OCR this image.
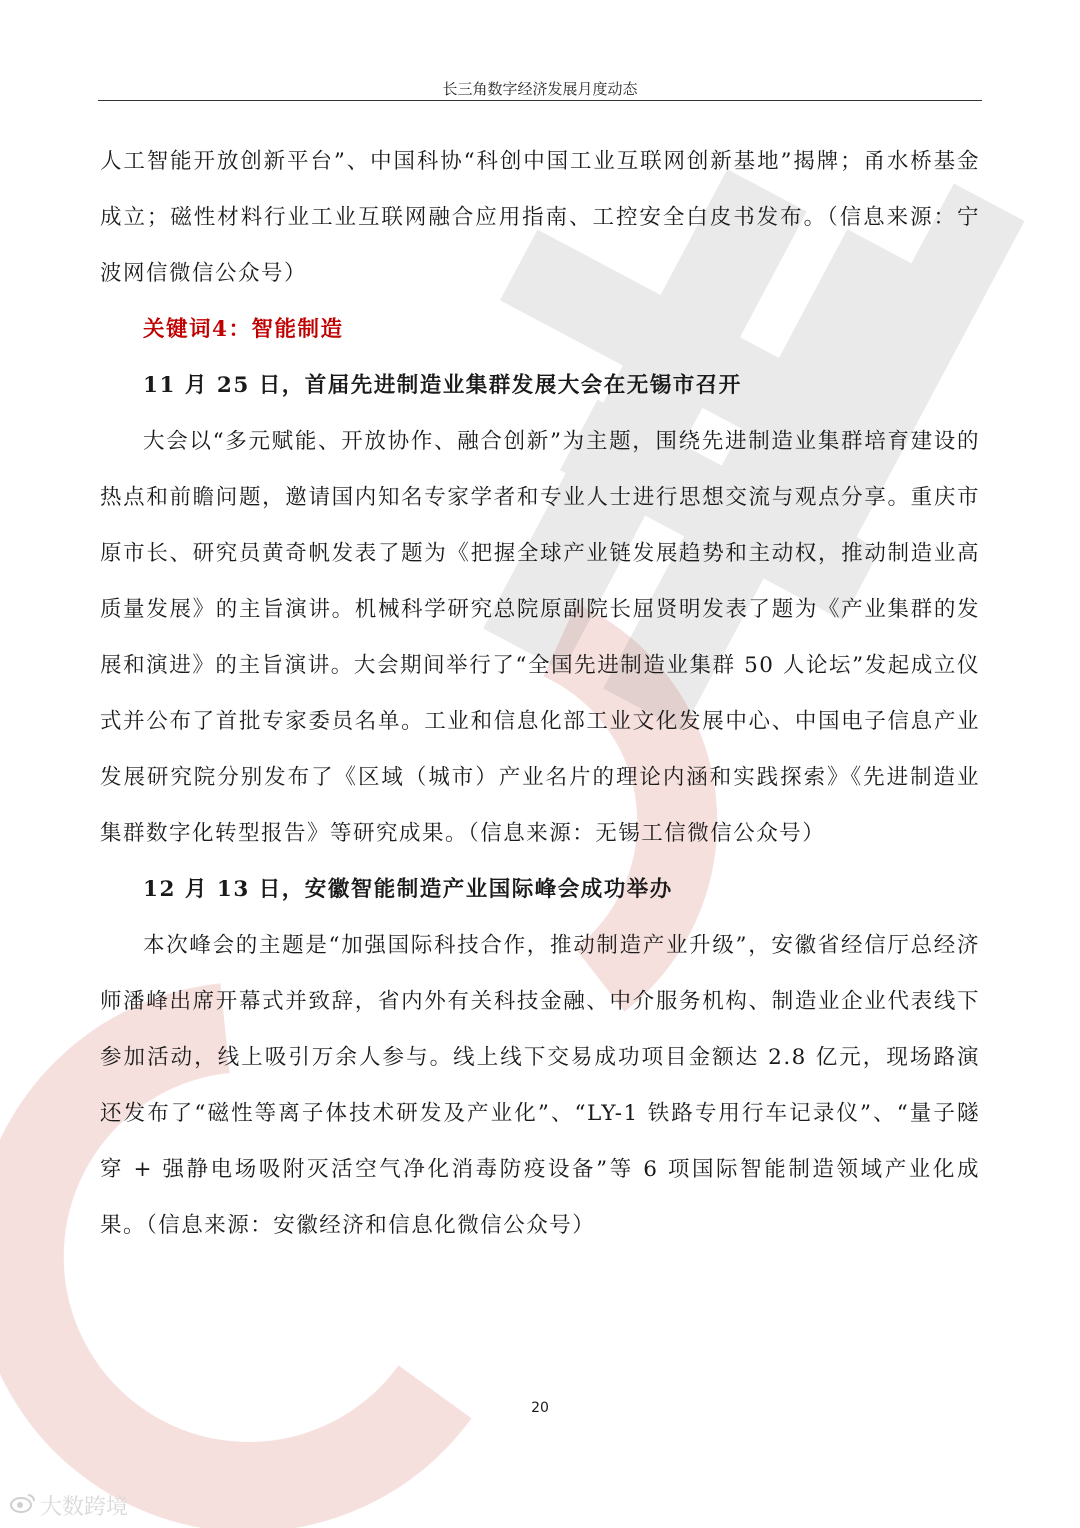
长三角数字经济发展月度动态

人工智能开放创新平台”、中国科协“科创中国工业互联网创新基地”揭牌；甬水桥基金成立；磁性材料行业工业互联网融合应用指南、工控安全白皮书发布。（信息来源：宁波网信微信公众号）

关键词4：智能制造

11 月 25 日，首届先进制造业集群发展大会在无锡市召开

大会以“多元赋能、开放协作、融合创新”为主题，围绕先进制造业集群培育建设的热点和前瞻问题，邀请国内知名专家学者和专业人士进行思想交流与观点分享。重庆市原市长、研究员黄奇帆发表了题为《把握全球产业链发展趋势和主动权，推动制造业高质量发展》的主旨演讲。机械科学研究总院原副院长屈贤明发表了题为《产业集群的发展和演进》的主旨演讲。大会期间举行了“全国先进制造业集群 50 人论坛”发起成立仪式并公布了首批专家委员名单。工业和信息化部工业文化发展中心、中国电子信息产业发展研究院分别发布了《区域（城市）产业名片的理论内涵和实践探索》《先进制造业集群数字化转型报告》等研究成果。（信息来源：无锡工信微信公众号）

12 月 13 日，安徽智能制造产业国际峰会成功举办

本次峰会的主题是“加强国际科技合作，推动制造产业升级”，安徽省经信厅总经济师潘峰出席开幕式并致辞，省内外有关科技金融、中介服务机构、制造业企业代表线下参加活动，线上吸引万余人参与。线上线下交易成功项目金额达 2.8 亿元，现场路演还发布了“磁性等离子体技术研发及产业化”、“LY-1 铁路专用行车记录仪”、“量子隧穿 + 强静电场吸附灭活空气净化消毒防疫设备”等 6 项国际智能制造领域产业化成果。（信息来源：安徽经济和信息化微信公众号）

20
大数跨境
